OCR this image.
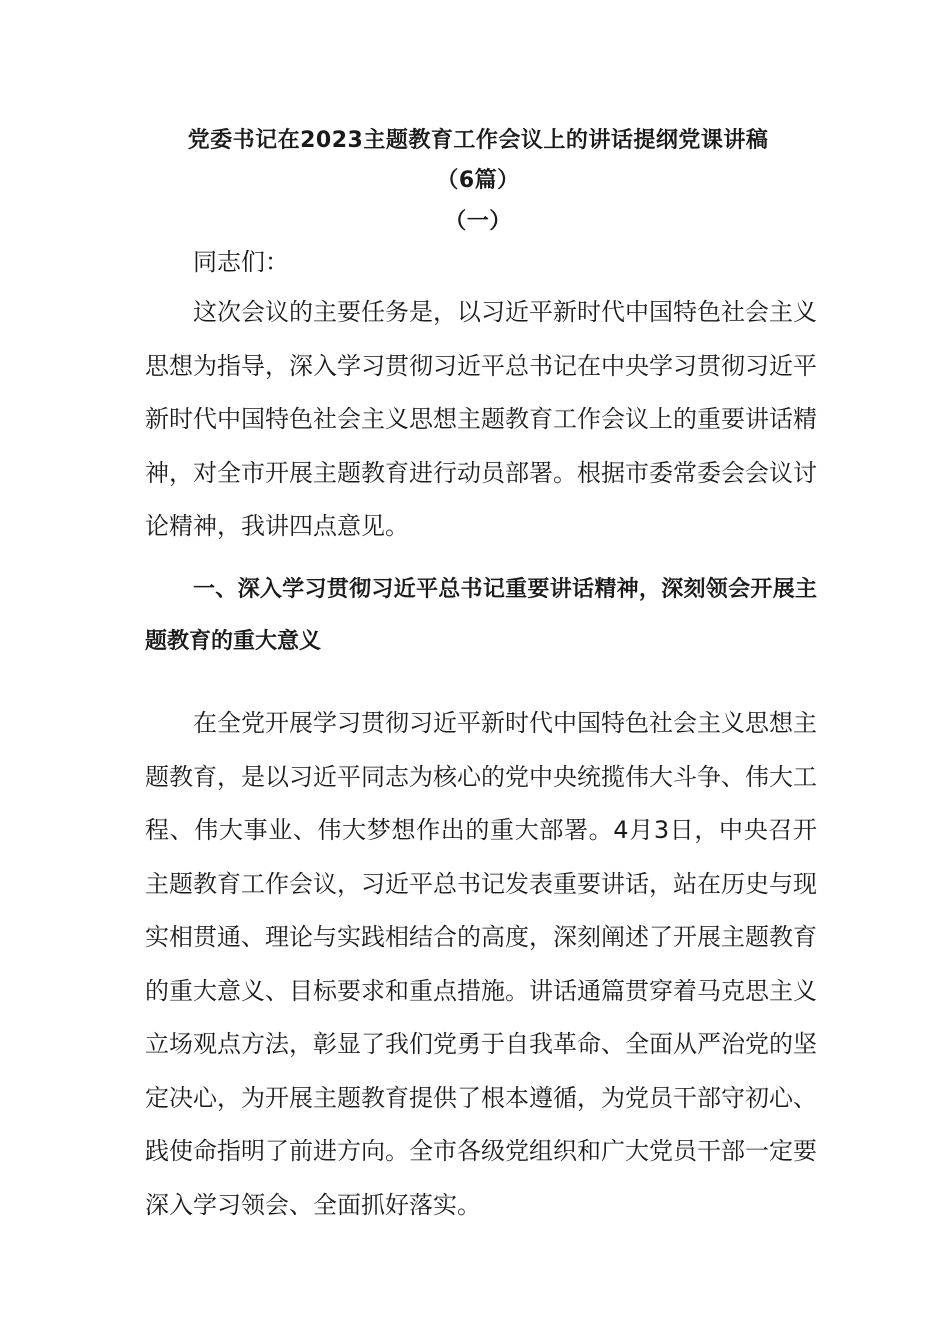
党委书记在2023主题教育工作会议上的讲话提纲党课讲稿
（6篇）
（一）

同志们：

这次会议的主要任务是，以习近平新时代中国特色社会主义思想为指导，深入学习贯彻习近平总书记在中央学习贯彻习近平新时代中国特色社会主义思想主题教育工作会议上的重要讲话精神，对全市开展主题教育进行动员部署。根据市委常委会会议讨论精神，我讲四点意见。

一、深入学习贯彻习近平总书记重要讲话精神，深刻领会开展主题教育的重大意义

在全党开展学习贯彻习近平新时代中国特色社会主义思想主题教育，是以习近平同志为核心的党中央统揽伟大斗争、伟大工程、伟大事业、伟大梦想作出的重大部署。4月3日，中央召开主题教育工作会议，习近平总书记发表重要讲话，站在历史与现实相贯通、理论与实践相结合的高度，深刻阐述了开展主题教育的重大意义、目标要求和重点措施。讲话通篇贯穿着马克思主义立场观点方法，彰显了我们党勇于自我革命、全面从严治党的坚定决心，为开展主题教育提供了根本遵循，为党员干部守初心、践使命指明了前进方向。全市各级党组织和广大党员干部一定要深入学习领会、全面抓好落实。
